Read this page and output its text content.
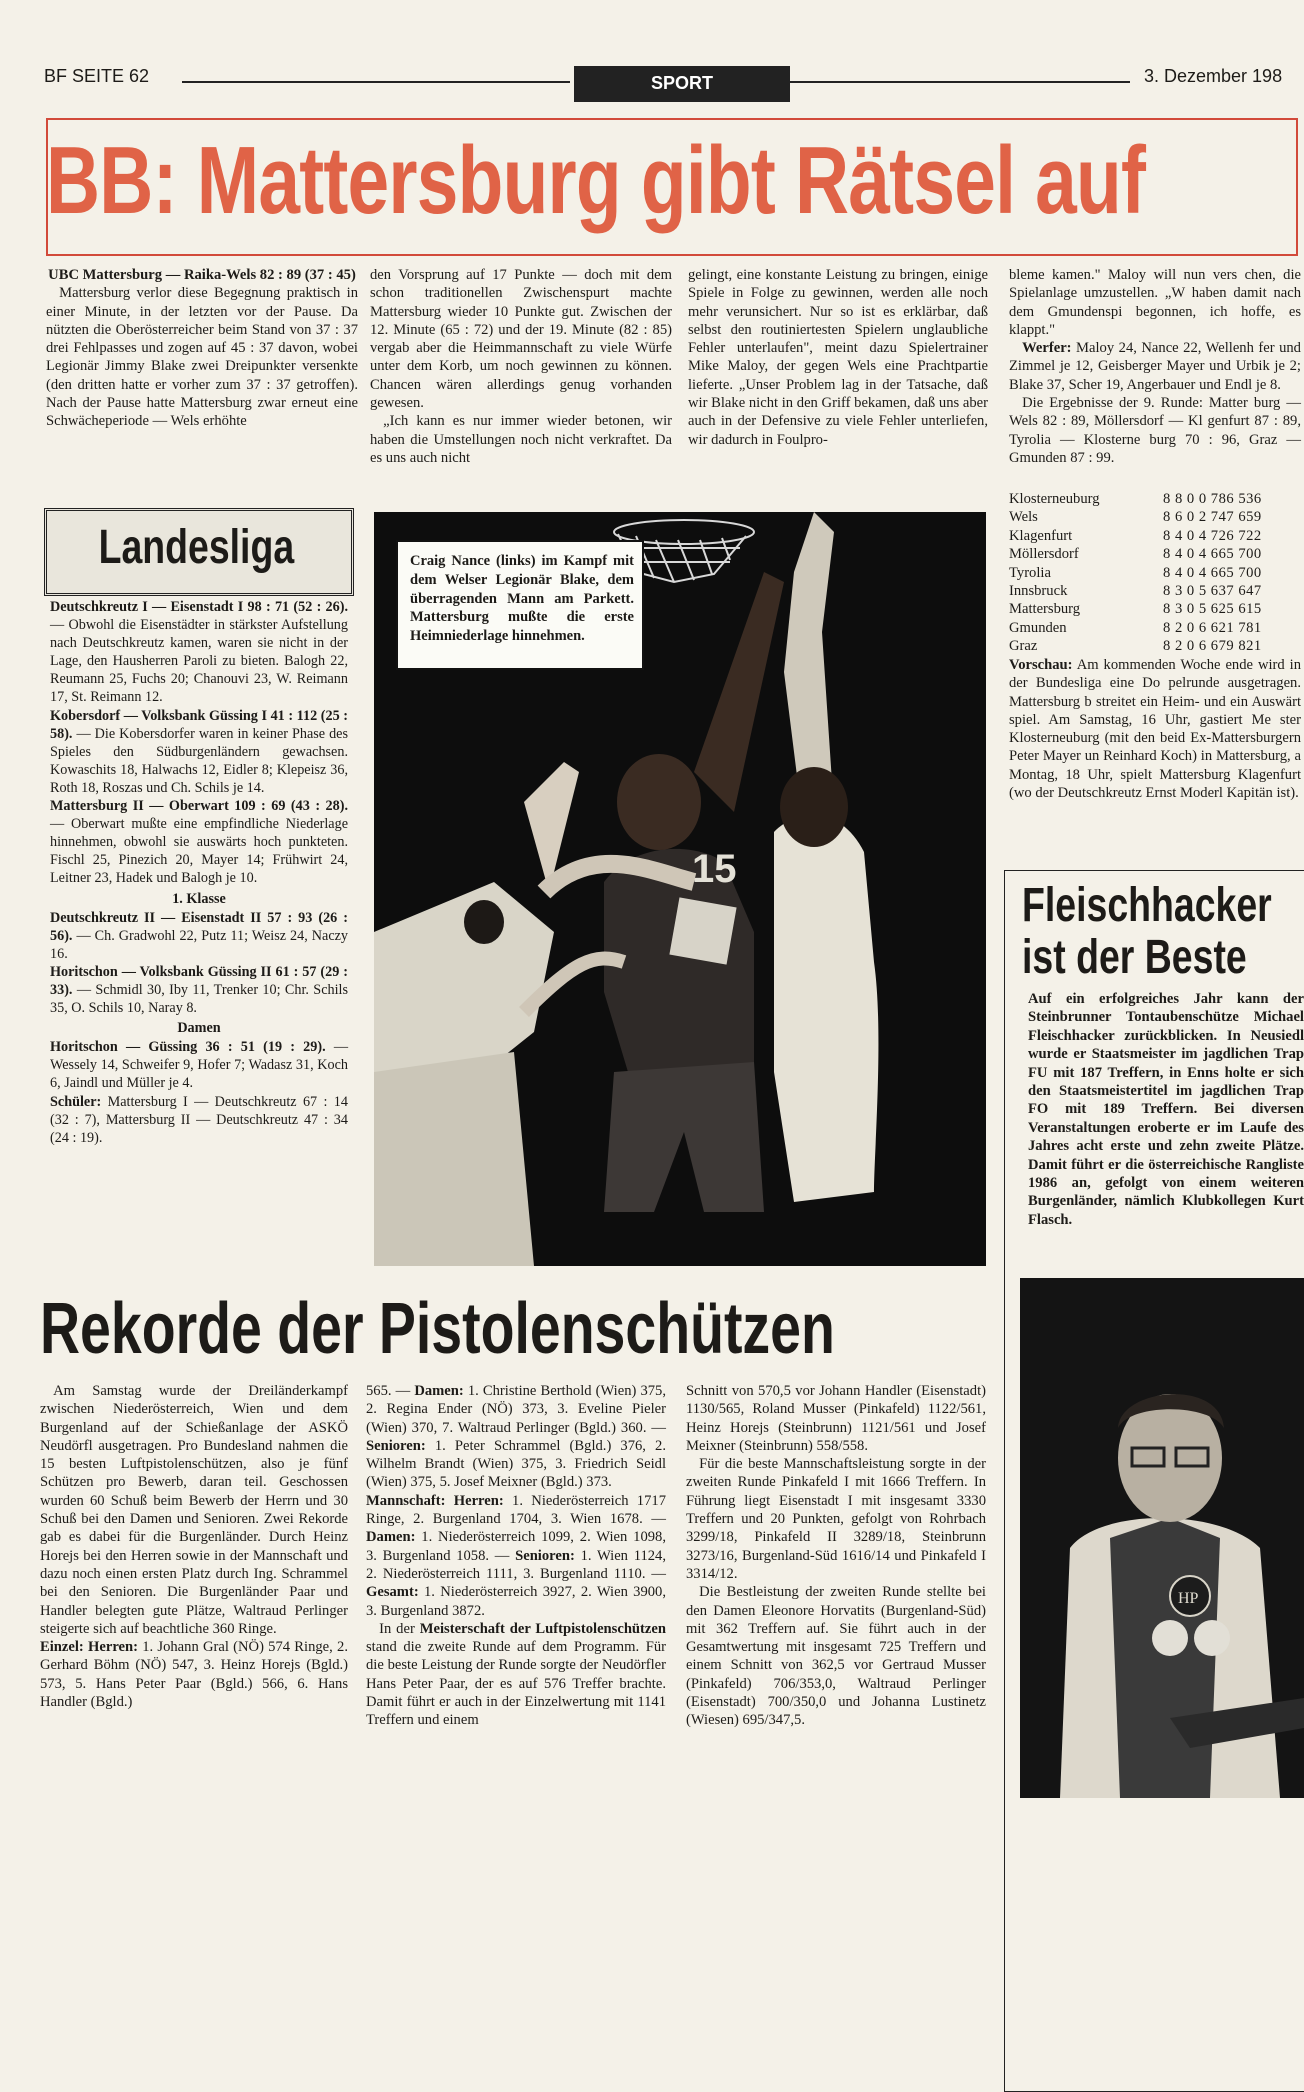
BF SEITE 62	SPORT	3. Dezember 198
BB: Mattersburg gibt Rätsel auf

UBC Mattersburg — Raika-Wels 82 : 89 (37 : 45)

Mattersburg verlor diese Begegnung praktisch in einer Minute, in der letzten vor der Pause. Da nützten die Oberösterreicher beim Stand von 37 : 37 drei Fehlpasses und zogen auf 45 : 37 davon, wobei Legionär Jimmy Blake zwei Dreipunkter versenkte (den dritten hatte er vorher zum 37 : 37 getroffen). Nach der Pause hatte Mattersburg zwar erneut eine Schwächeperiode — Wels erhöhte

den Vorsprung auf 17 Punkte — doch mit dem schon traditionellen Zwischenspurt machte Mattersburg wieder 10 Punkte gut. Zwischen der 12. Minute (65 : 72) und der 19. Minute (82 : 85) vergab aber die Heimmannschaft zu viele Würfe unter dem Korb, um noch gewinnen zu können. Chancen wären allerdings genug vorhanden gewesen.

„Ich kann es nur immer wieder betonen, wir haben die Umstellungen noch nicht verkraftet. Da es uns auch nicht

gelingt, eine konstante Leistung zu bringen, einige Spiele in Folge zu gewinnen, werden alle noch mehr verunsichert. Nur so ist es erklärbar, daß selbst den routiniertesten Spielern unglaubliche Fehler unterlaufen", meint dazu Spielertrainer Mike Maloy, der gegen Wels eine Prachtpartie lieferte. „Unser Problem lag in der Tatsache, daß wir Blake nicht in den Griff bekamen, daß uns aber auch in der Defensive zu viele Fehler unterliefen, wir dadurch in Foulpro-

bleme kamen." Maloy will nun vers chen, die Spielanlage umzustellen. „W haben damit nach dem Gmundenspi begonnen, ich hoffe, es klappt."

Werfer: Maloy 24, Nance 22, Wellenh fer und Zimmel je 12, Geisberger Mayer und Urbik je 2; Blake 37, Scher 19, Angerbauer und Endl je 8.

Die Ergebnisse der 9. Runde: Matter burg — Wels 82 : 89, Möllersdorf — Kl genfurt 87 : 89, Tyrolia — Klosterne burg 70 : 96, Graz — Gmunden 87 : 99.

Klosterneuburg	8 8 0 0 786 536
Wels	8 6 0 2 747 659
Klagenfurt	8 4 0 4 726 722
Möllersdorf	8 4 0 4 665 700
Tyrolia	8 4 0 4 665 700
Innsbruck	8 3 0 5 637 647
Mattersburg	8 3 0 5 625 615
Gmunden	8 2 0 6 621 781
Graz	8 2 0 6 679 821

Vorschau: Am kommenden Woche ende wird in der Bundesliga eine Do pelrunde ausgetragen. Mattersburg b streitet ein Heim- und ein Auswärt spiel. Am Samstag, 16 Uhr, gastiert Me ster Klosterneuburg (mit den beid Ex-Mattersburgern Peter Mayer un Reinhard Koch) in Mattersburg, a Montag, 18 Uhr, spielt Mattersburg Klagenfurt (wo der Deutschkreutz Ernst Moderl Kapitän ist).

Landesliga

Deutschkreutz I — Eisenstadt I 98 : 71 (52 : 26). — Obwohl die Eisenstädter in stärkster Aufstellung nach Deutschkreutz kamen, waren sie nicht in der Lage, den Hausherren Paroli zu bieten. Balogh 22, Reumann 25, Fuchs 20; Chanouvi 23, W. Reimann 17, St. Reimann 12.

Kobersdorf — Volksbank Güssing I 41 : 112 (25 : 58). — Die Kobersdorfer waren in keiner Phase des Spieles den Südburgenländern gewachsen. Kowaschits 18, Halwachs 12, Eidler 8; Klepeisz 36, Roth 18, Roszas und Ch. Schils je 14.

Mattersburg II — Oberwart 109 : 69 (43 : 28). — Oberwart mußte eine empfindliche Niederlage hinnehmen, obwohl sie auswärts hoch punkteten. Fischl 25, Pinezich 20, Mayer 14; Frühwirt 24, Leitner 23, Hadek und Balogh je 10.

1. Klasse

Deutschkreutz II — Eisenstadt II 57 : 93 (26 : 56). — Ch. Gradwohl 22, Putz 11; Weisz 24, Naczy 16.

Horitschon — Volksbank Güssing II 61 : 57 (29 : 33). — Schmidl 30, Iby 11, Trenker 10; Chr. Schils 35, O. Schils 10, Naray 8.

Damen

Horitschon — Güssing 36 : 51 (19 : 29). — Wessely 14, Schweifer 9, Hofer 7; Wadasz 31, Koch 6, Jaindl und Müller je 4.

Schüler: Mattersburg I — Deutschkreutz 67 : 14 (32 : 7), Mattersburg II — Deutschkreutz 47 : 34 (24 : 19).

15
Craig Nance (links) im Kampf mit dem Welser Legionär Blake, dem überragenden Mann am Parkett. Mattersburg mußte die erste Heimniederlage hinnehmen.
Rekorde der Pistolenschützen

Am Samstag wurde der Dreiländerkampf zwischen Niederösterreich, Wien und dem Burgenland auf der Schießanlage der ASKÖ Neudörfl ausgetragen. Pro Bundesland nahmen die 15 besten Luftpistolenschützen, also je fünf Schützen pro Bewerb, daran teil. Geschossen wurden 60 Schuß beim Bewerb der Herrn und 30 Schuß bei den Damen und Senioren. Zwei Rekorde gab es dabei für die Burgenländer. Durch Heinz Horejs bei den Herren sowie in der Mannschaft und dazu noch einen ersten Platz durch Ing. Schrammel bei den Senioren. Die Burgenländer Paar und Handler belegten gute Plätze, Waltraud Perlinger steigerte sich auf beachtliche 360 Ringe.

Einzel: Herren: 1. Johann Gral (NÖ) 574 Ringe, 2. Gerhard Böhm (NÖ) 547, 3. Heinz Horejs (Bgld.) 573, 5. Hans Peter Paar (Bgld.) 566, 6. Hans Handler (Bgld.)

565. — Damen: 1. Christine Berthold (Wien) 375, 2. Regina Ender (NÖ) 373, 3. Eveline Pieler (Wien) 370, 7. Waltraud Perlinger (Bgld.) 360. — Senioren: 1. Peter Schrammel (Bgld.) 376, 2. Wilhelm Brandt (Wien) 375, 3. Friedrich Seidl (Wien) 375, 5. Josef Meixner (Bgld.) 373.

Mannschaft: Herren: 1. Niederösterreich 1717 Ringe, 2. Burgenland 1704, 3. Wien 1678. — Damen: 1. Niederösterreich 1099, 2. Wien 1098, 3. Burgenland 1058. — Senioren: 1. Wien 1124, 2. Niederösterreich 1111, 3. Burgenland 1110. — Gesamt: 1. Niederösterreich 3927, 2. Wien 3900, 3. Burgenland 3872.

In der Meisterschaft der Luftpistolenschützen stand die zweite Runde auf dem Programm. Für die beste Leistung der Runde sorgte der Neudörfler Hans Peter Paar, der es auf 576 Treffer brachte. Damit führt er auch in der Einzelwertung mit 1141 Treffern und einem

Schnitt von 570,5 vor Johann Handler (Eisenstadt) 1130/565, Roland Musser (Pinkafeld) 1122/561, Heinz Horejs (Steinbrunn) 1121/561 und Josef Meixner (Steinbrunn) 558/558.

Für die beste Mannschaftsleistung sorgte in der zweiten Runde Pinkafeld I mit 1666 Treffern. In Führung liegt Eisenstadt I mit insgesamt 3330 Treffern und 20 Punkten, gefolgt von Rohrbach 3299/18, Pinkafeld II 3289/18, Steinbrunn 3273/16, Burgenland-Süd 1616/14 und Pinkafeld I 3314/12.

Die Bestleistung der zweiten Runde stellte bei den Damen Eleonore Horvatits (Burgenland-Süd) mit 362 Treffern auf. Sie führt auch in der Gesamtwertung mit insgesamt 725 Treffern und einem Schnitt von 362,5 vor Gertraud Musser (Pinkafeld) 706/353,0, Waltraud Perlinger (Eisenstadt) 700/350,0 und Johanna Lustinetz (Wiesen) 695/347,5.

Fleischhacker
ist der Beste
Auf ein erfolgreiches Jahr kann der Steinbrunner Tontaubenschütze Michael Fleischhacker zurückblicken. In Neusiedl wurde er Staatsmeister im jagdlichen Trap FU mit 187 Treffern, in Enns holte er sich den Staatsmeistertitel im jagdlichen Trap FO mit 189 Treffern. Bei diversen Veranstaltungen eroberte er im Laufe des Jahres acht erste und zehn zweite Plätze. Damit führt er die österreichische Rangliste 1986 an, gefolgt von einem weiteren Burgenländer, nämlich Klubkollegen Kurt Flasch.
HP
